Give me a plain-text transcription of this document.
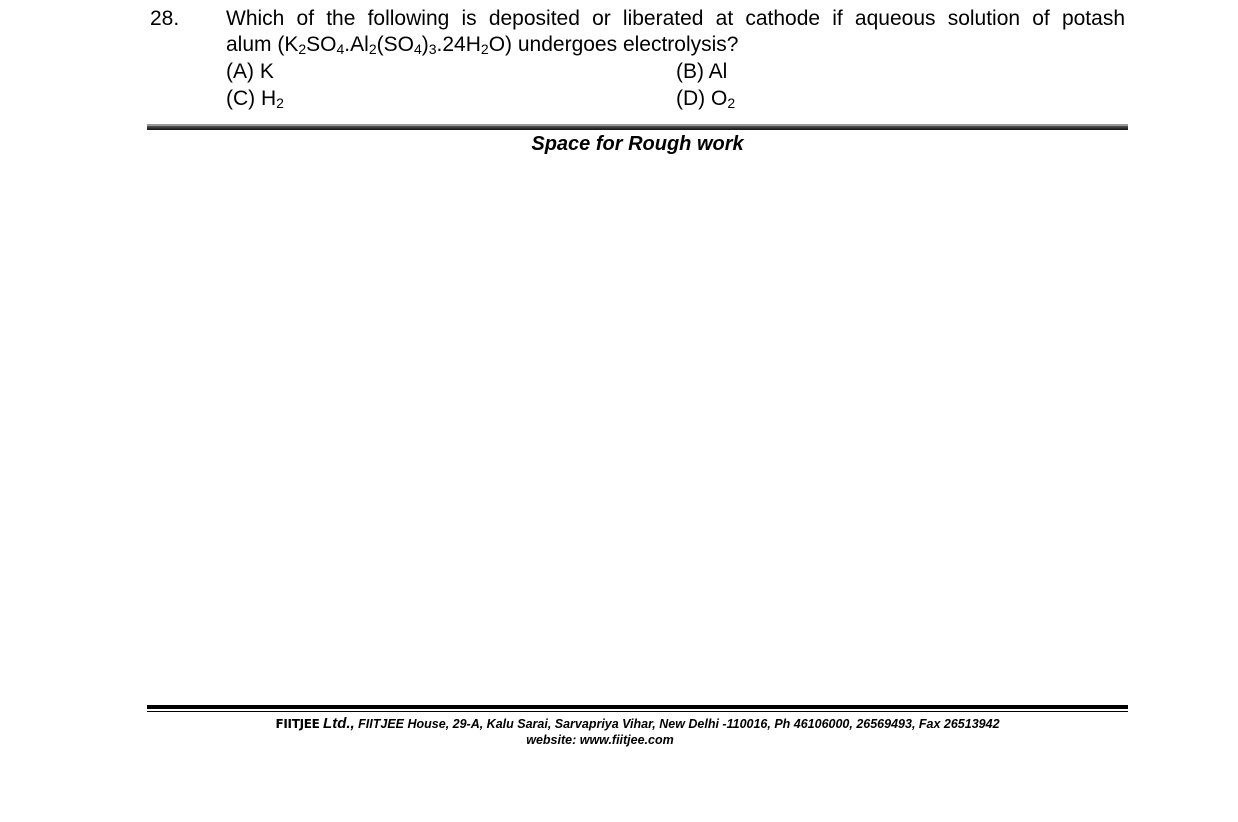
28. Which of the following is deposited or liberated at cathode if aqueous solution of potash
alum $(K_2SO_4.Al_2(SO_4)_3.24H_2O)$ undergoes electrolysis?
(A) K	(B) Al
(C) $H_2$	(D) $O_2$
Space for Rough work
FIITJEE Ltd., FIITJEE House, 29-A, Kalu Sarai, Sarvapriya Vihar, New Delhi -110016, Ph 46106000, 26569493, Fax 26513942
website: www.fiitjee.com
